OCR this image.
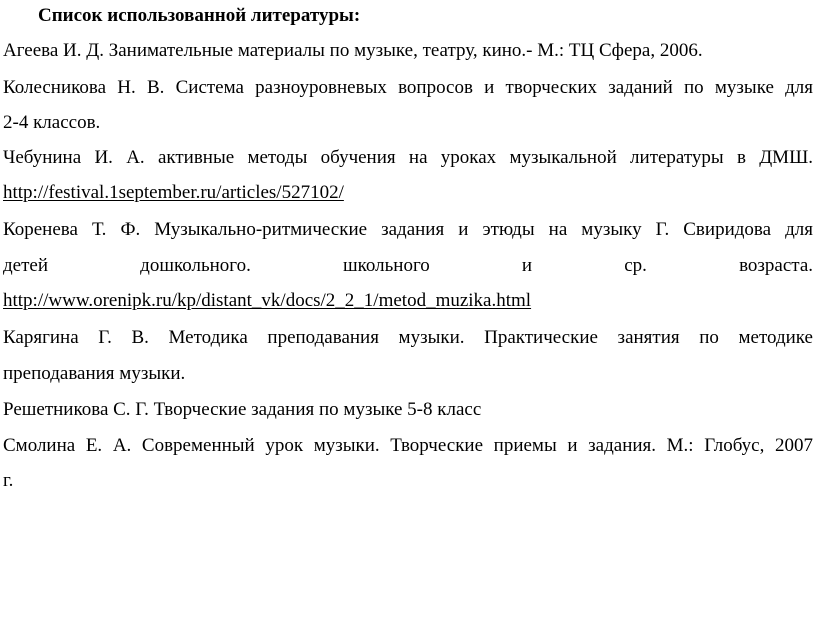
Список использованной литературы:
Агеева И. Д. Занимательные материалы по музыке, театру, кино.- М.: ТЦ Сфера, 2006.
Колесникова Н. В. Система разноуровневых вопросов и творческих заданий по музыке для
2-4 классов.
Чебунина И. А. активные методы обучения на уроках музыкальной литературы в ДМШ.
http://festival.1september.ru/articles/527102/
Коренева Т. Ф. Музыкально-ритмические задания и этюды на музыку Г. Свиридова для
детей дошкольного. школьного и ср. возраста.
http://www.orenipk.ru/kp/distant_vk/docs/2_2_1/metod_muzika.html
Карягина Г. В. Методика преподавания музыки. Практические занятия по методике
преподавания музыки.
Решетникова С. Г. Творческие задания по музыке 5-8 класс
Смолина Е. А. Современный урок музыки. Творческие приемы и задания. М.: Глобус, 2007
г.
